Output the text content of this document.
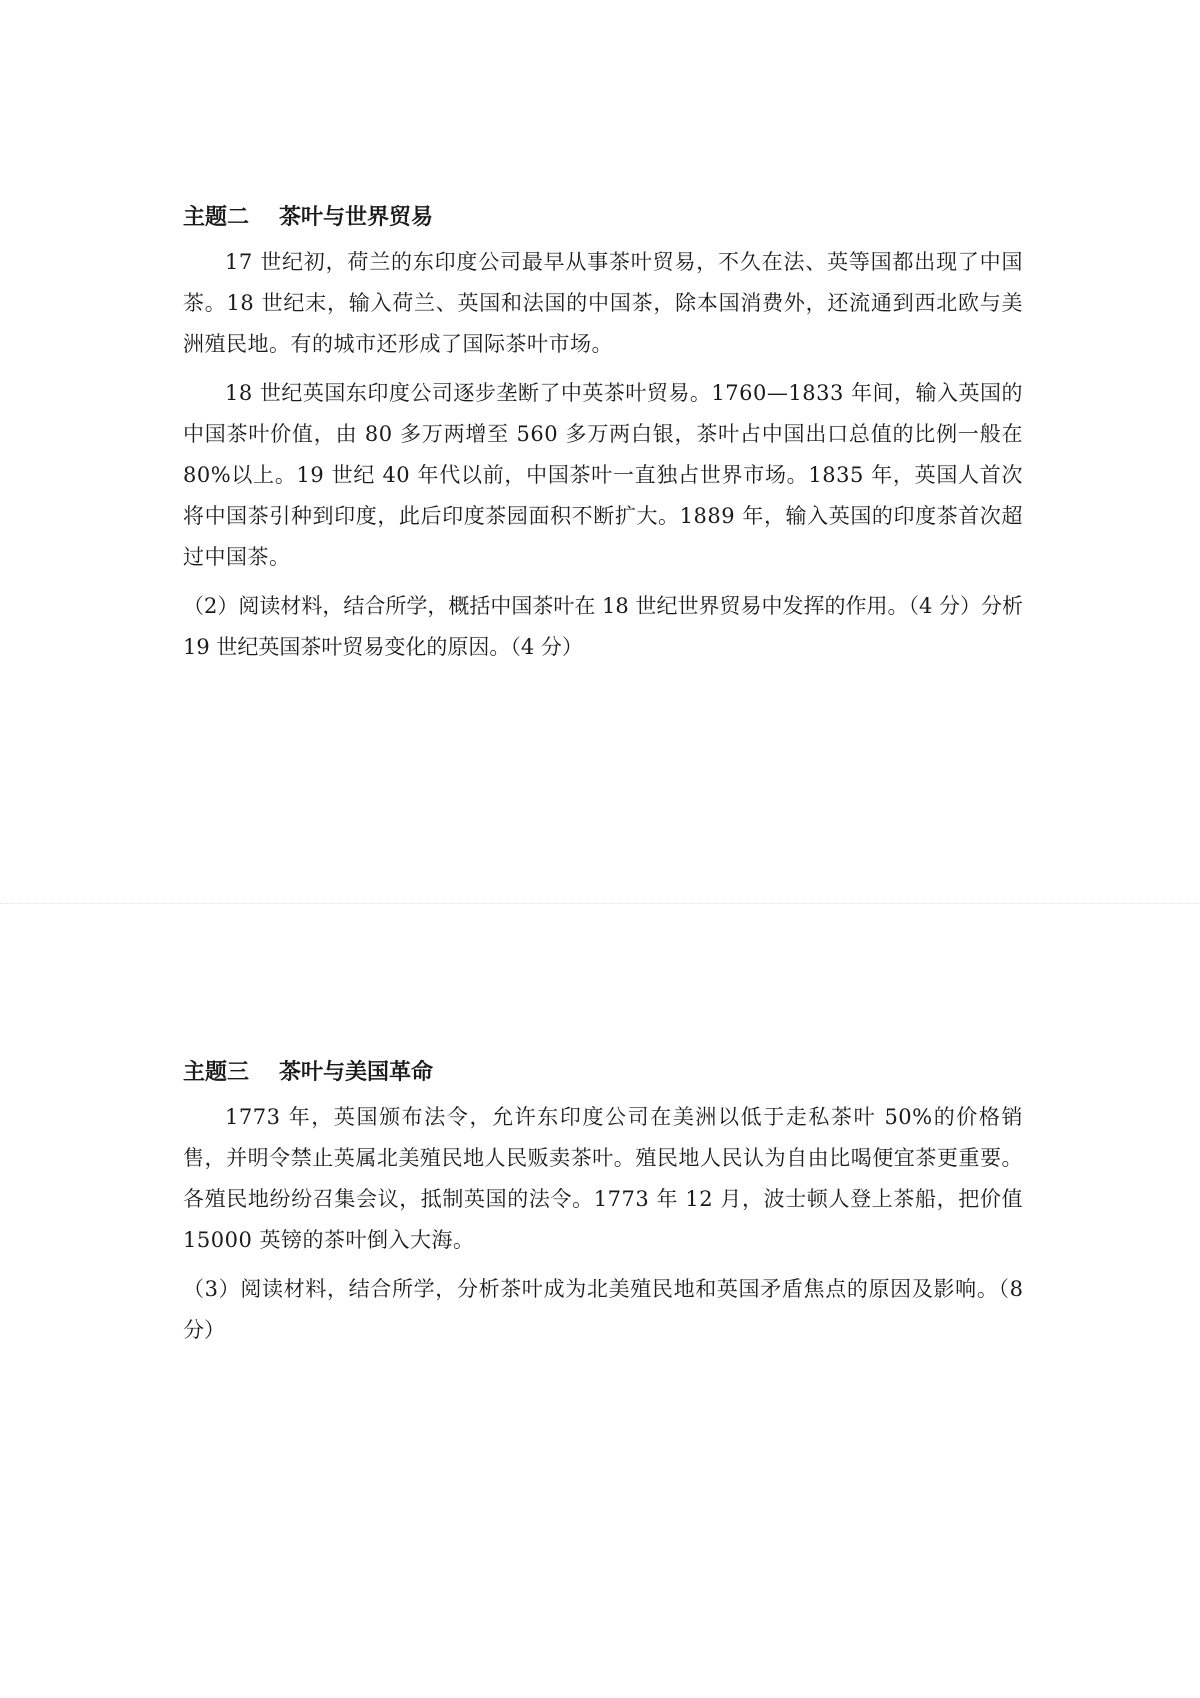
主题二 茶叶与世界贸易

17 世纪初，荷兰的东印度公司最早从事茶叶贸易，不久在法、英等国都出现了中国茶。18 世纪末，输入荷兰、英国和法国的中国茶，除本国消费外，还流通到西北欧与美洲殖民地。有的城市还形成了国际茶叶市场。

18 世纪英国东印度公司逐步垄断了中英茶叶贸易。1760—1833 年间，输入英国的中国茶叶价值，由 80 多万两增至 560 多万两白银，茶叶占中国出口总值的比例一般在 80%以上。19 世纪 40 年代以前，中国茶叶一直独占世界市场。1835 年，英国人首次将中国茶引种到印度，此后印度茶园面积不断扩大。1889 年，输入英国的印度茶首次超过中国茶。

（2）阅读材料，结合所学，概括中国茶叶在 18 世纪世界贸易中发挥的作用。（4 分）分析 19 世纪英国茶叶贸易变化的原因。（4 分）

主题三 茶叶与美国革命

1773 年，英国颁布法令，允许东印度公司在美洲以低于走私茶叶 50%的价格销售，并明令禁止英属北美殖民地人民贩卖茶叶。殖民地人民认为自由比喝便宜茶更重要。各殖民地纷纷召集会议，抵制英国的法令。1773 年 12 月，波士顿人登上茶船，把价值 15000 英镑的茶叶倒入大海。

（3）阅读材料，结合所学，分析茶叶成为北美殖民地和英国矛盾焦点的原因及影响。（8 分）
